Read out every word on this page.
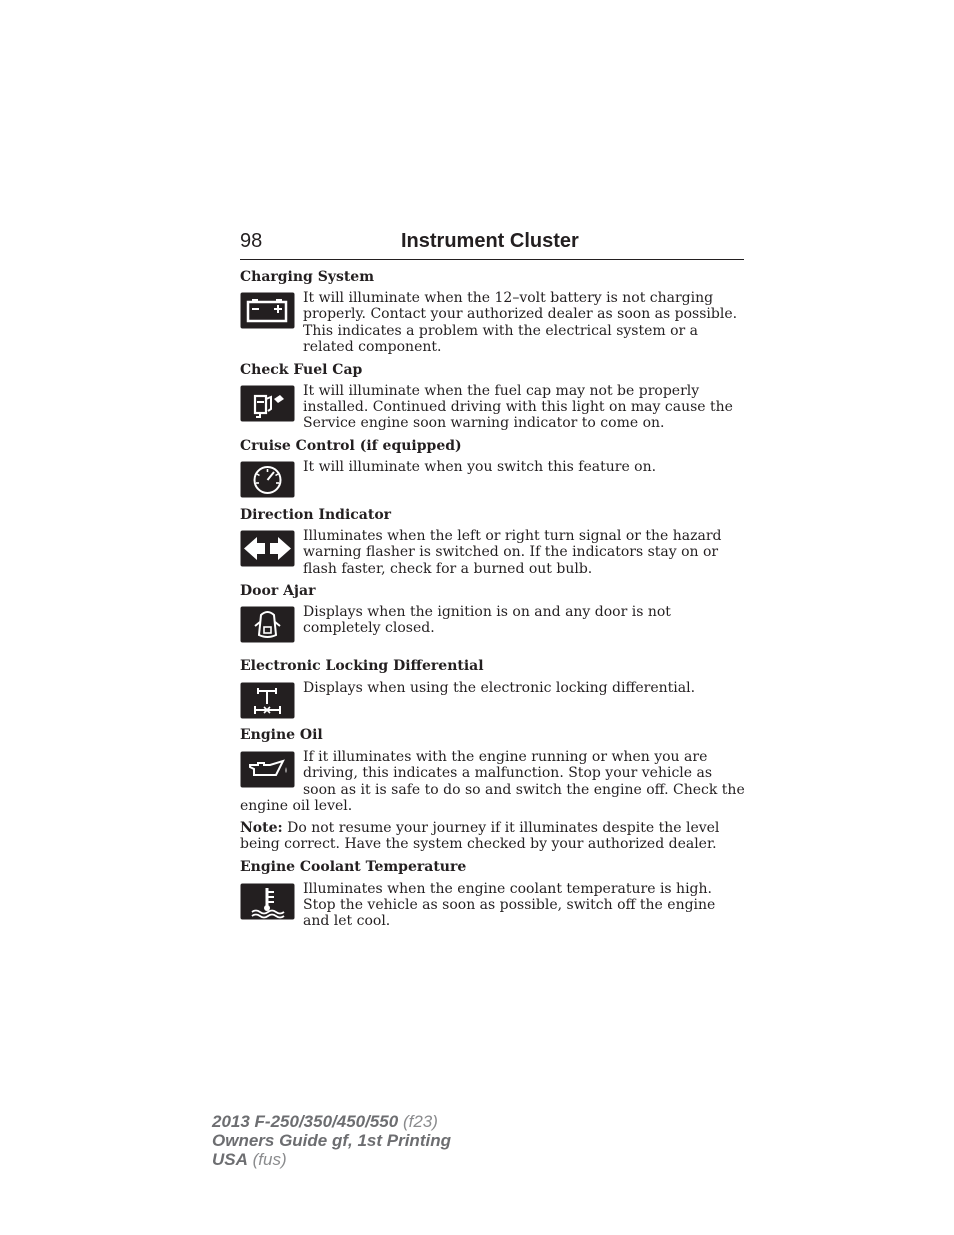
98	Instrument Cluster

Charging System

It will illuminate when the 12–volt battery is not charging properly. Contact your authorized dealer as soon as possible. This indicates a problem with the electrical system or a related component.

Check Fuel Cap

It will illuminate when the fuel cap may not be properly installed. Continued driving with this light on may cause the Service engine soon warning indicator to come on.

Cruise Control (if equipped)

It will illuminate when you switch this feature on.

Direction Indicator

Illuminates when the left or right turn signal or the hazard warning flasher is switched on. If the indicators stay on or flash faster, check for a burned out bulb.

Door Ajar

Displays when the ignition is on and any door is not completely closed.

Electronic Locking Differential

Displays when using the electronic locking differential.

Engine Oil

If it illuminates with the engine running or when you are driving, this indicates a malfunction. Stop your vehicle as soon as it is safe to do so and switch the engine off. Check the

engine oil level.

Note: Do not resume your journey if it illuminates despite the level being correct. Have the system checked by your authorized dealer.

Engine Coolant Temperature

Illuminates when the engine coolant temperature is high. Stop the vehicle as soon as possible, switch off the engine and let cool.

2013 F-250/350/450/550 (f23)
Owners Guide gf, 1st Printing
USA (fus)
